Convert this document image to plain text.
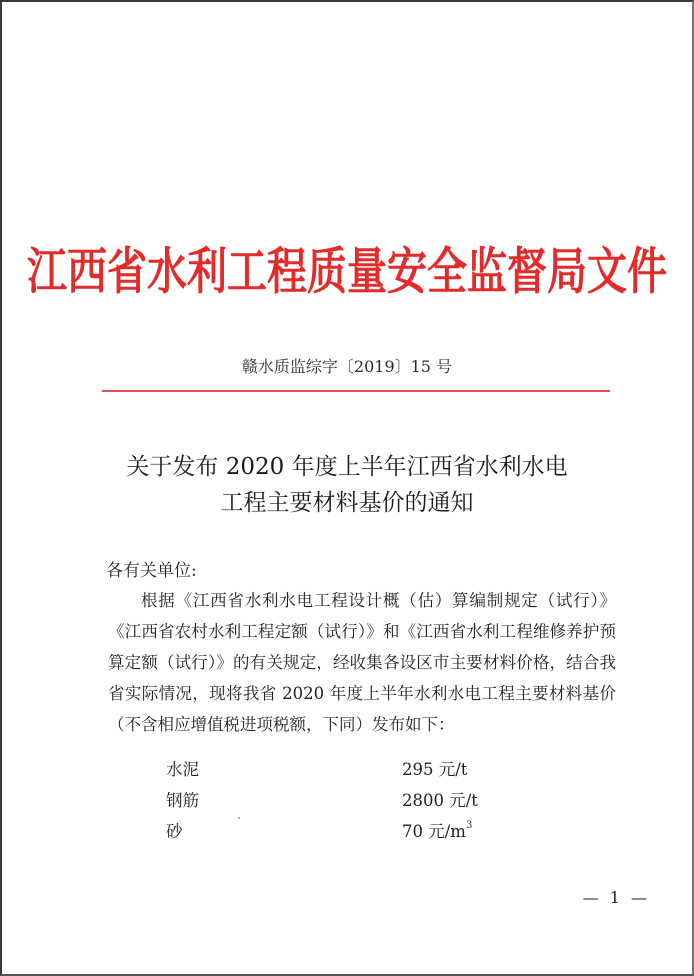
江西省水利工程质量安全监督局文件
赣水质监综字〔2019〕15 号
关于发布 2020 年度上半年江西省水利水电
工程主要材料基价的通知
各有关单位:

根据《江西省水利水电工程设计概（估）算编制规定（试行）》《江西省农村水利工程定额（试行）》和《江西省水利工程维修养护预算定额（试行）》的有关规定，经收集各设区市主要材料价格，结合我省实际情况，现将我省 2020 年度上半年水利水电工程主要材料基价（不含相应增值税进项税额，下同）发布如下：

水泥	295 元/t
钢筋	2800 元/t
砂	70 元$/m^3$
— 1 —
